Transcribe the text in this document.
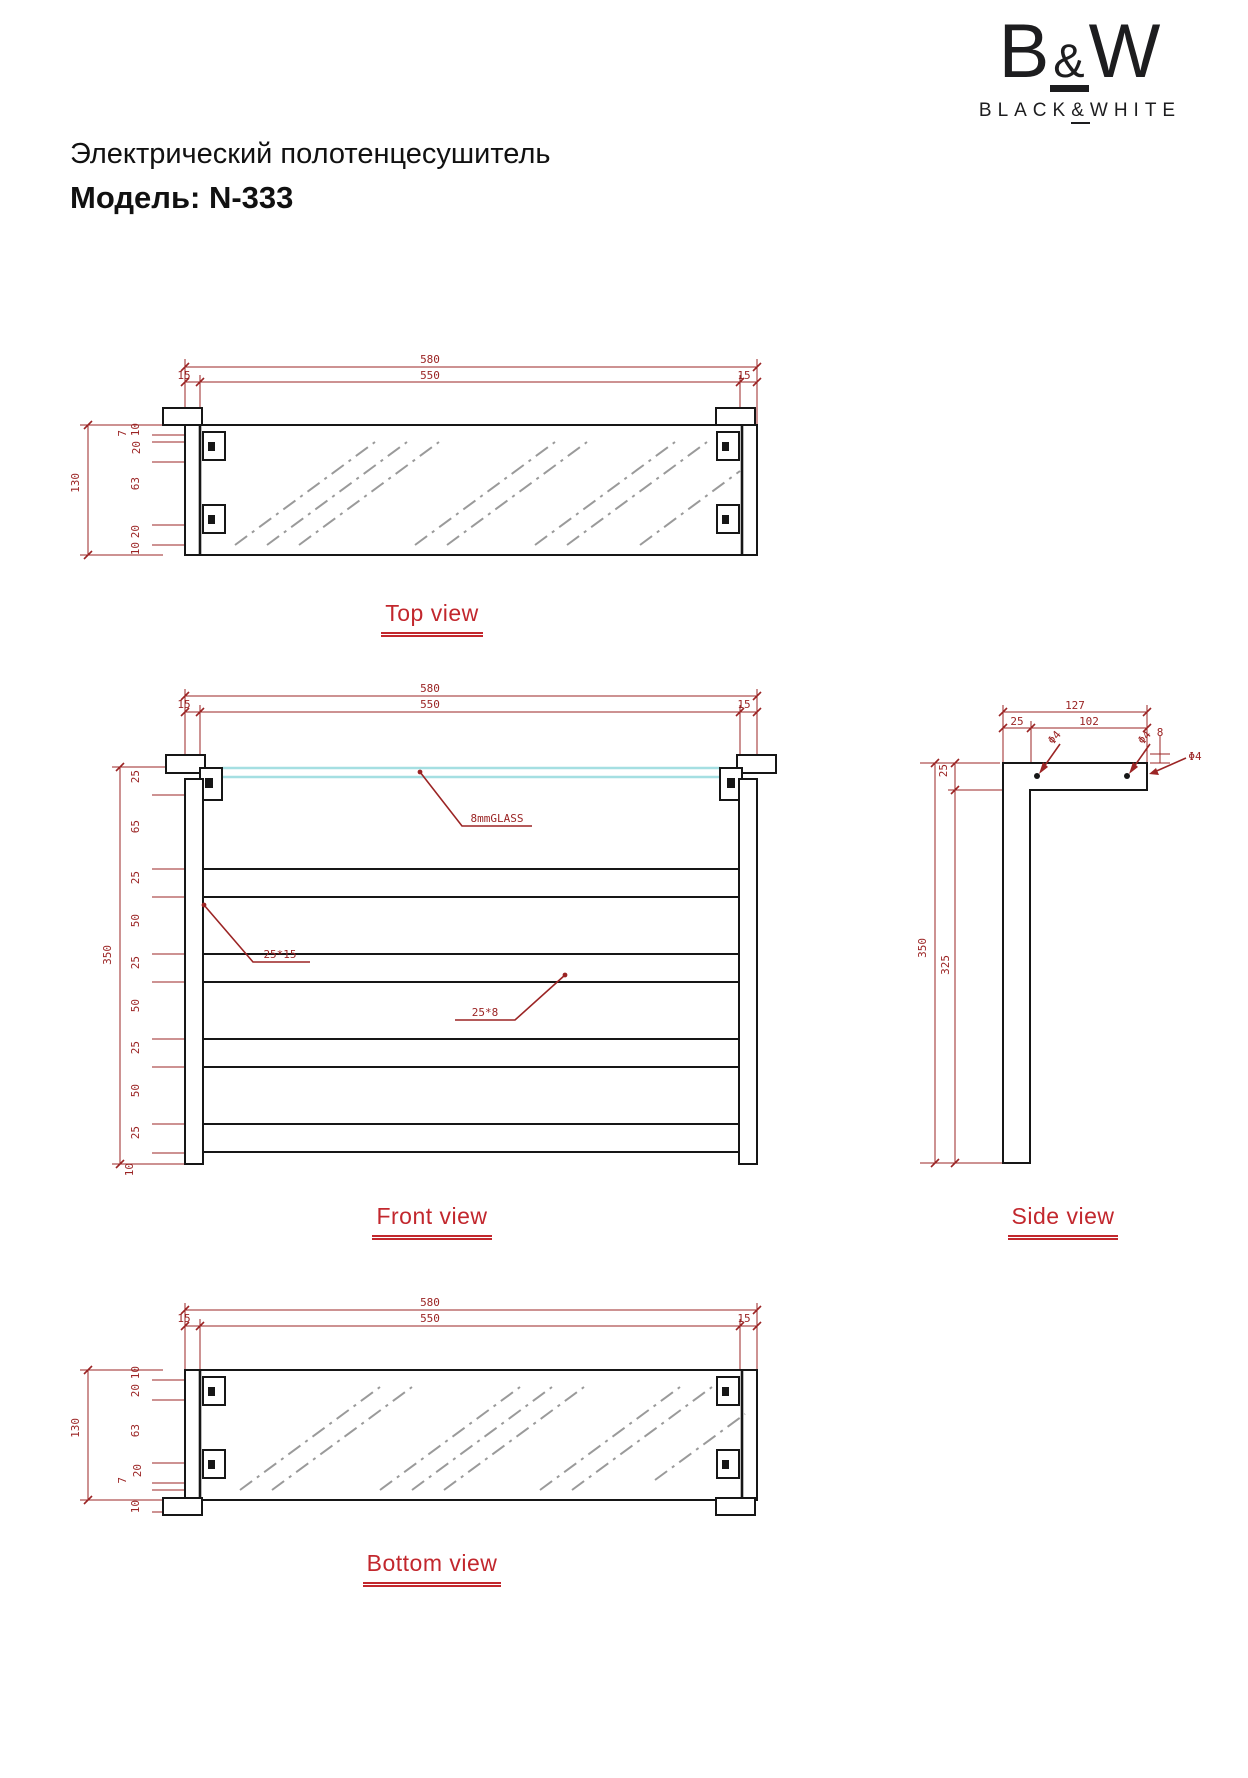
B&W
BLACK&WHITE
Электрический полотенцесушитель
Модель: N-333
580
550
15	15
10
7
20
63
20
10
130
Top view
580
550
15	15
25
65
25
50
25
50
25
50
25
10
350
8mmGLASS
25*15
25*8
Front view
127
25	102
8
Φ4	Φ4
Φ4
25
350
325
Side view
580
550
15	15
10
20
63
20
7
10
130
Bottom view
